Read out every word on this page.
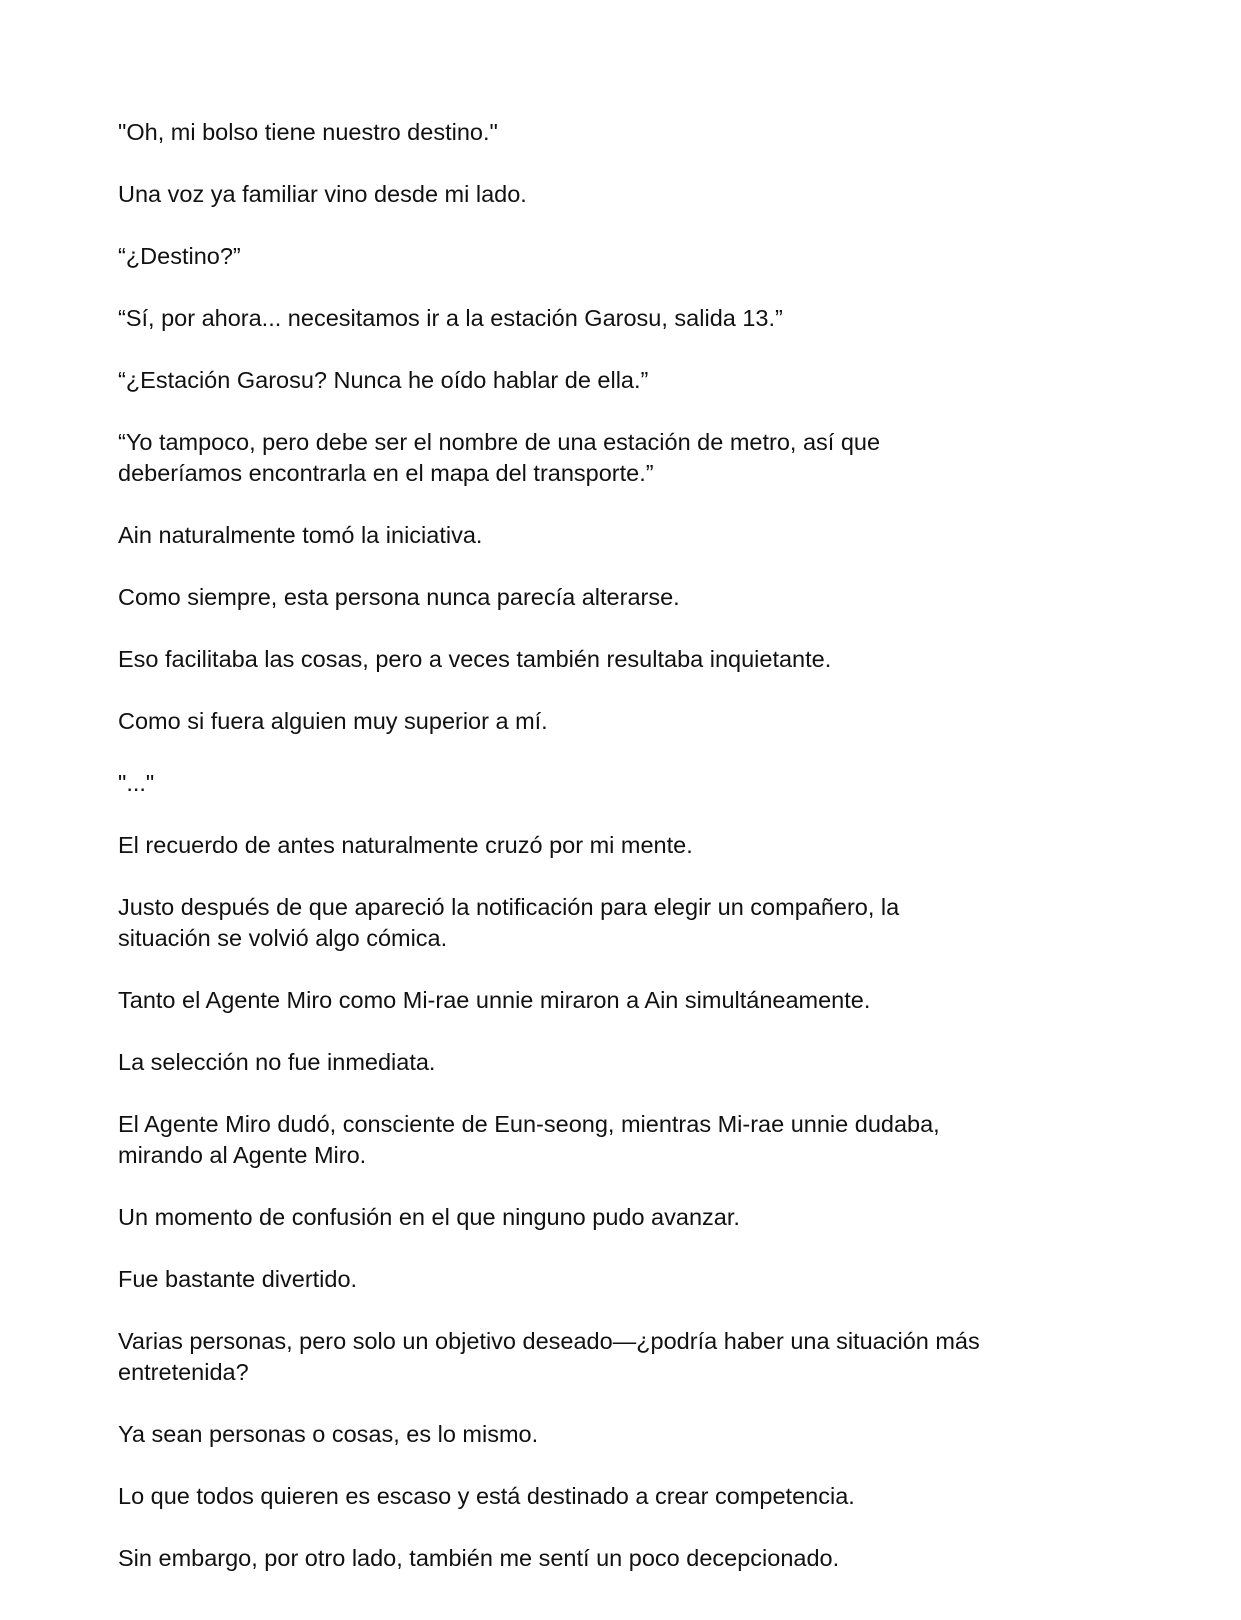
"Oh, mi bolso tiene nuestro destino."

Una voz ya familiar vino desde mi lado.

“¿Destino?”

“Sí, por ahora... necesitamos ir a la estación Garosu, salida 13.”

“¿Estación Garosu? Nunca he oído hablar de ella.”

“Yo tampoco, pero debe ser el nombre de una estación de metro, así que
deberíamos encontrarla en el mapa del transporte.”

Ain naturalmente tomó la iniciativa.

Como siempre, esta persona nunca parecía alterarse.

Eso facilitaba las cosas, pero a veces también resultaba inquietante.

Como si fuera alguien muy superior a mí.

"..."

El recuerdo de antes naturalmente cruzó por mi mente.

Justo después de que apareció la notificación para elegir un compañero, la
situación se volvió algo cómica.

Tanto el Agente Miro como Mi-rae unnie miraron a Ain simultáneamente.

La selección no fue inmediata.

El Agente Miro dudó, consciente de Eun-seong, mientras Mi-rae unnie dudaba,
mirando al Agente Miro.

Un momento de confusión en el que ninguno pudo avanzar.

Fue bastante divertido.

Varias personas, pero solo un objetivo deseado—¿podría haber una situación más
entretenida?

Ya sean personas o cosas, es lo mismo.

Lo que todos quieren es escaso y está destinado a crear competencia.

Sin embargo, por otro lado, también me sentí un poco decepcionado.
